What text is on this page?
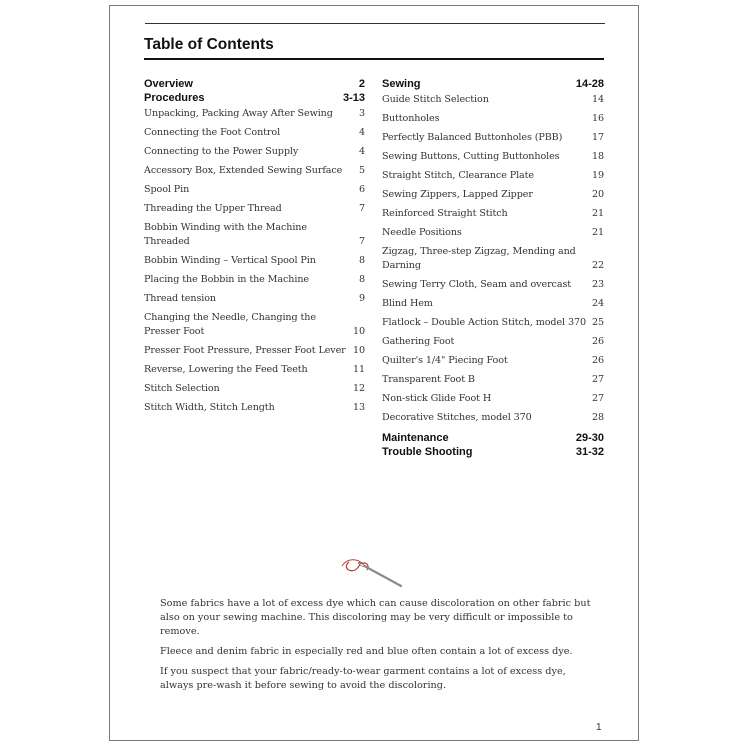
Table of Contents
Overview	2
Procedures	3-13
Unpacking, Packing Away After Sewing	3
Connecting the Foot Control	4
Connecting to the Power Supply	4
Accessory Box, Extended Sewing Surface	5
Spool Pin	6
Threading the Upper Thread	7
Bobbin Winding with the Machine Threaded	7
Bobbin Winding – Vertical Spool Pin	8
Placing the Bobbin in the Machine	8
Thread tension	9
Changing the Needle, Changing the Presser Foot	10
Presser Foot Pressure, Presser Foot Lever 10
Reverse, Lowering the Feed Teeth	11
Stitch Selection	12
Stitch Width, Stitch Length	13
Sewing	14-28
Guide Stitch Selection	14
Buttonholes	16
Perfectly Balanced Buttonholes (PBB)	17
Sewing Buttons, Cutting Buttonholes	18
Straight Stitch, Clearance Plate	19
Sewing Zippers, Lapped Zipper	20
Reinforced Straight Stitch	21
Needle Positions	21
Zigzag, Three-step Zigzag, Mending and Darning	22
Sewing Terry Cloth, Seam and overcast	23
Blind Hem	24
Flatlock – Double Action Stitch, model 370 25
Gathering Foot	26
Quilter's 1/4" Piecing Foot	26
Transparent Foot B	27
Non-stick Glide Foot H	27
Decorative Stitches, model 370	28
Maintenance	29-30
Trouble Shooting	31-32

Some fabrics have a lot of excess dye which can cause discoloration on other fabric but also on your sewing machine. This discoloring may be very difficult or impossible to remove.

Fleece and denim fabric in especially red and blue often contain a lot of excess dye.

If you suspect that your fabric/ready-to-wear garment contains a lot of excess dye, always pre-wash it before sewing to avoid the discoloring.

1
